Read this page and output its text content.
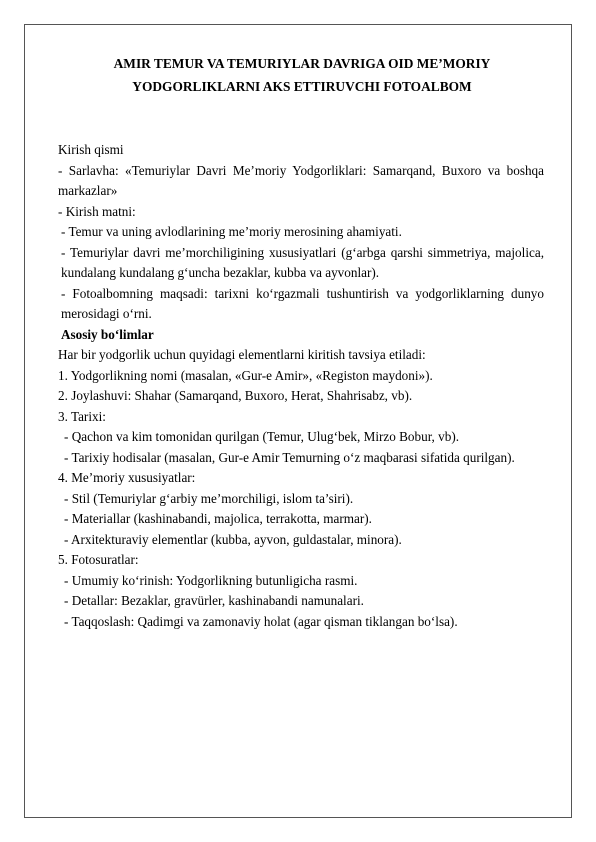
AMIR TEMUR VA TEMURIYLAR DAVRIGA OID ME’MORIY
YODGORLIKLARNI AKS ETTIRUVCHI FOTOALBOM
Kirish qismi
- Sarlavha: «Temuriylar Davri Me’moriy Yodgorliklari: Samarqand, Buxoro va boshqa markazlar»
- Kirish matni:
- Temur va uning avlodlarining me’moriy merosining ahamiyati.
- Temuriylar davri me’morchiligining xususiyatlari (g‘arbga qarshi simmetriya, majolica, kundalang kundalang g‘uncha bezaklar, kubba va ayvonlar).
- Fotoalbomning maqsadi: tarixni ko‘rgazmali tushuntirish va yodgorliklarning dunyo merosidagi o‘rni.
Asosiy bo‘limlar
Har bir yodgorlik uchun quyidagi elementlarni kiritish tavsiya etiladi:
1. Yodgorlikning nomi (masalan, «Gur-e Amir», «Registon maydoni»).
2. Joylashuvi: Shahar (Samarqand, Buxoro, Herat, Shahrisabz, vb).
3. Tarixi:
- Qachon va kim tomonidan qurilgan (Temur, Ulug‘bek, Mirzo Bobur, vb).
- Tarixiy hodisalar (masalan, Gur-e Amir Temurning o‘z maqbarasi sifatida qurilgan).
4. Me’moriy xususiyatlar:
- Stil (Temuriylar g‘arbiy me’morchiligi, islom ta’siri).
- Materiallar (kashinabandi, majolica, terrakotta, marmar).
- Arxitekturaviy elementlar (kubba, ayvon, guldastalar, minora).
5. Fotosuratlar:
- Umumiy ko‘rinish: Yodgorlikning butunligicha rasmi.
- Detallar: Bezaklar, gravürler, kashinabandi namunalari.
- Taqqoslash: Qadimgi va zamonaviy holat (agar qisman tiklangan bo‘lsa).
